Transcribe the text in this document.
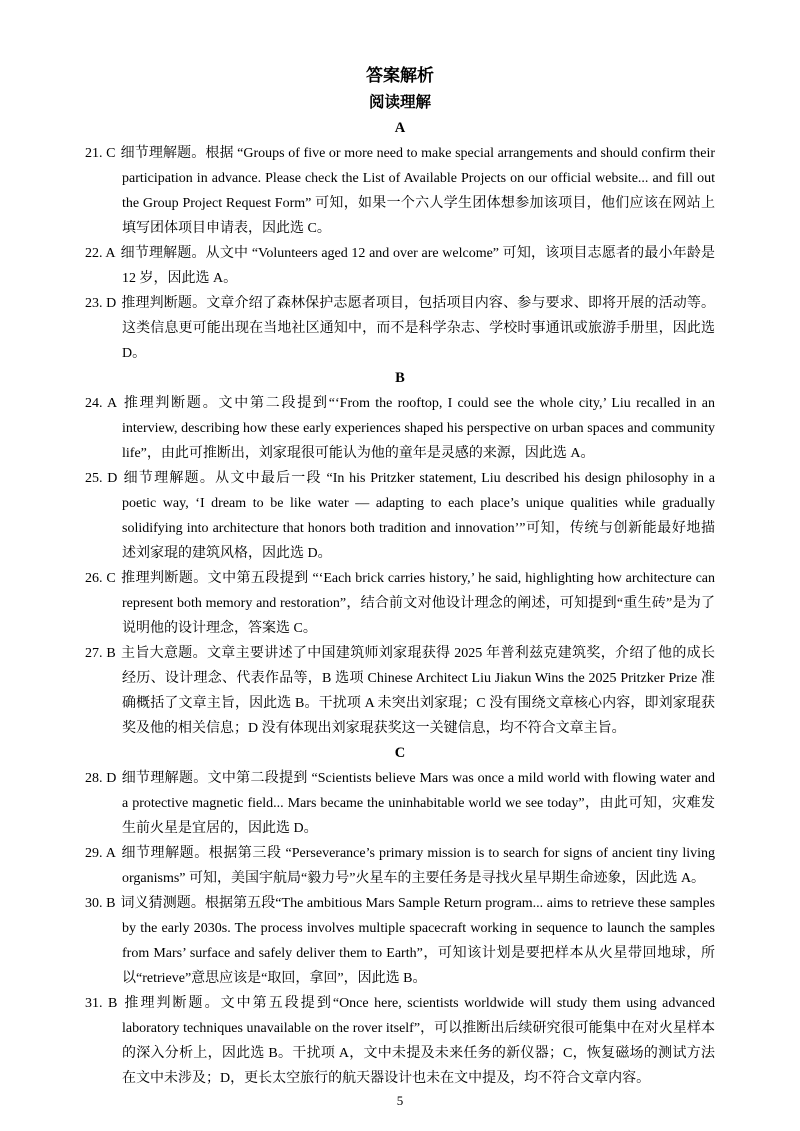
答案解析
阅读理解
A

21. C 细节理解题。根据 “Groups of five or more need to make special arrangements and should confirm their participation in advance. Please check the List of Available Projects on our official website... and fill out the Group Project Request Form” 可知，如果一个六人学生团体想参加该项目，他们应该在网站上填写团体项目申请表，因此选 C。

22. A 细节理解题。从文中 “Volunteers aged 12 and over are welcome” 可知，该项目志愿者的最小年龄是 12 岁，因此选 A。

23. D 推理判断题。文章介绍了森林保护志愿者项目，包括项目内容、参与要求、即将开展的活动等。这类信息更可能出现在当地社区通知中，而不是科学杂志、学校时事通讯或旅游手册里，因此选 D。

B

24. A 推理判断题。文中第二段提到“‘From the rooftop, I could see the whole city,’ Liu recalled in an interview, describing how these early experiences shaped his perspective on urban spaces and community life”，由此可推断出，刘家琨很可能认为他的童年是灵感的来源，因此选 A。

25. D 细节理解题。从文中最后一段 “In his Pritzker statement, Liu described his design philosophy in a poetic way, ‘I dream to be like water — adapting to each place’s unique qualities while gradually solidifying into architecture that honors both tradition and innovation’”可知，传统与创新能最好地描述刘家琨的建筑风格，因此选 D。

26. C 推理判断题。文中第五段提到 “‘Each brick carries history,’ he said, highlighting how architecture can represent both memory and restoration”，结合前文对他设计理念的阐述，可知提到“重生砖”是为了说明他的设计理念，答案选 C。

27. B 主旨大意题。文章主要讲述了中国建筑师刘家琨获得 2025 年普利兹克建筑奖，介绍了他的成长经历、设计理念、代表作品等，B 选项 Chinese Architect Liu Jiakun Wins the 2025 Pritzker Prize 准确概括了文章主旨，因此选 B。干扰项 A 未突出刘家琨；C 没有围绕文章核心内容，即刘家琨获奖及他的相关信息；D 没有体现出刘家琨获奖这一关键信息，均不符合文章主旨。

C

28. D 细节理解题。文中第二段提到 “Scientists believe Mars was once a mild world with flowing water and a protective magnetic field... Mars became the uninhabitable world we see today”，由此可知，灾难发生前火星是宜居的，因此选 D。

29. A 细节理解题。根据第三段 “Perseverance’s primary mission is to search for signs of ancient tiny living organisms” 可知，美国宇航局“毅力号”火星车的主要任务是寻找火星早期生命迹象，因此选 A。

30. B 词义猜测题。根据第五段“The ambitious Mars Sample Return program... aims to retrieve these samples by the early 2030s. The process involves multiple spacecraft working in sequence to launch the samples from Mars’ surface and safely deliver them to Earth”，可知该计划是要把样本从火星带回地球，所以“retrieve”意思应该是“取回，拿回”，因此选 B。

31. B 推理判断题。文中第五段提到“Once here, scientists worldwide will study them using advanced laboratory techniques unavailable on the rover itself”，可以推断出后续研究很可能集中在对火星样本的深入分析上，因此选 B。干扰项 A，文中未提及未来任务的新仪器；C，恢复磁场的测试方法在文中未涉及；D，更长太空旅行的航天器设计也未在文中提及，均不符合文章内容。

5
